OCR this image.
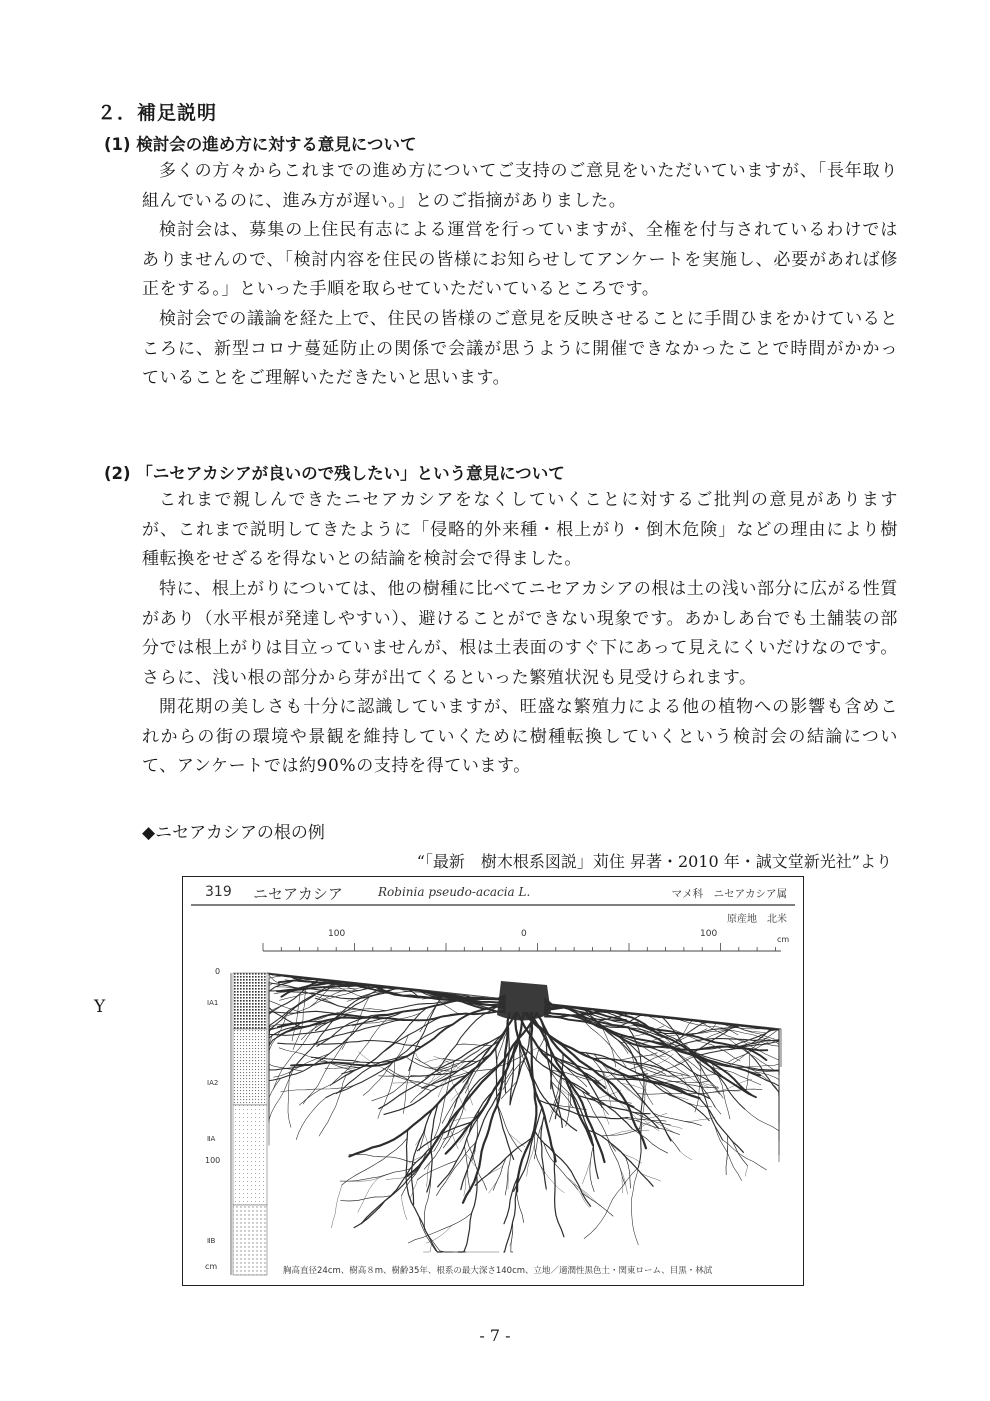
２．補足説明
(1) 検討会の進め方に対する意見について

多くの方々からこれまでの進め方についてご支持のご意見をいただいていますが、「長年取り組んでいるのに、進み方が遅い。」とのご指摘がありました。

検討会は、募集の上住民有志による運営を行っていますが、全権を付与されているわけではありませんので、「検討内容を住民の皆様にお知らせしてアンケートを実施し、必要があれば修正をする。」といった手順を取らせていただいているところです。

検討会での議論を経た上で、住民の皆様のご意見を反映させることに手間ひまをかけているところに、新型コロナ蔓延防止の関係で会議が思うように開催できなかったことで時間がかかっていることをご理解いただきたいと思います。

(2) 「ニセアカシアが良いので残したい」という意見について

これまで親しんできたニセアカシアをなくしていくことに対するご批判の意見がありますが、これまで説明してきたように「侵略的外来種・根上がり・倒木危険」などの理由により樹種転換をせざるを得ないとの結論を検討会で得ました。

特に、根上がりについては、他の樹種に比べてニセアカシアの根は土の浅い部分に広がる性質があり（水平根が発達しやすい）、避けることができない現象です。あかしあ台でも土舗装の部分では根上がりは目立っていませんが、根は土表面のすぐ下にあって見えにくいだけなのです。さらに、浅い根の部分から芽が出てくるといった繁殖状況も見受けられます。

開花期の美しさも十分に認識していますが、旺盛な繁殖力による他の植物への影響も含めこれからの街の環境や景観を維持していくために樹種転換していくという検討会の結論について、アンケートでは約90%の支持を得ています。

◆ニセアカシアの根の例
“「最新　樹木根系図説」苅住 昇著・2010 年・誠文堂新光社”より
Y
319 ニセアカシア	Robinia pseudo-acacia L.	マメ科　ニセアカシア属
原産地　北米
100	0	100
cm
0
100
cm
ⅠA1
ⅠA2
ⅡA
ⅡB
胸高直径24cm、樹高８m、樹齢35年、根系の最大深さ140cm、立地／適潤性黒色土・関東ローム、目黒・林試
- 7 -
